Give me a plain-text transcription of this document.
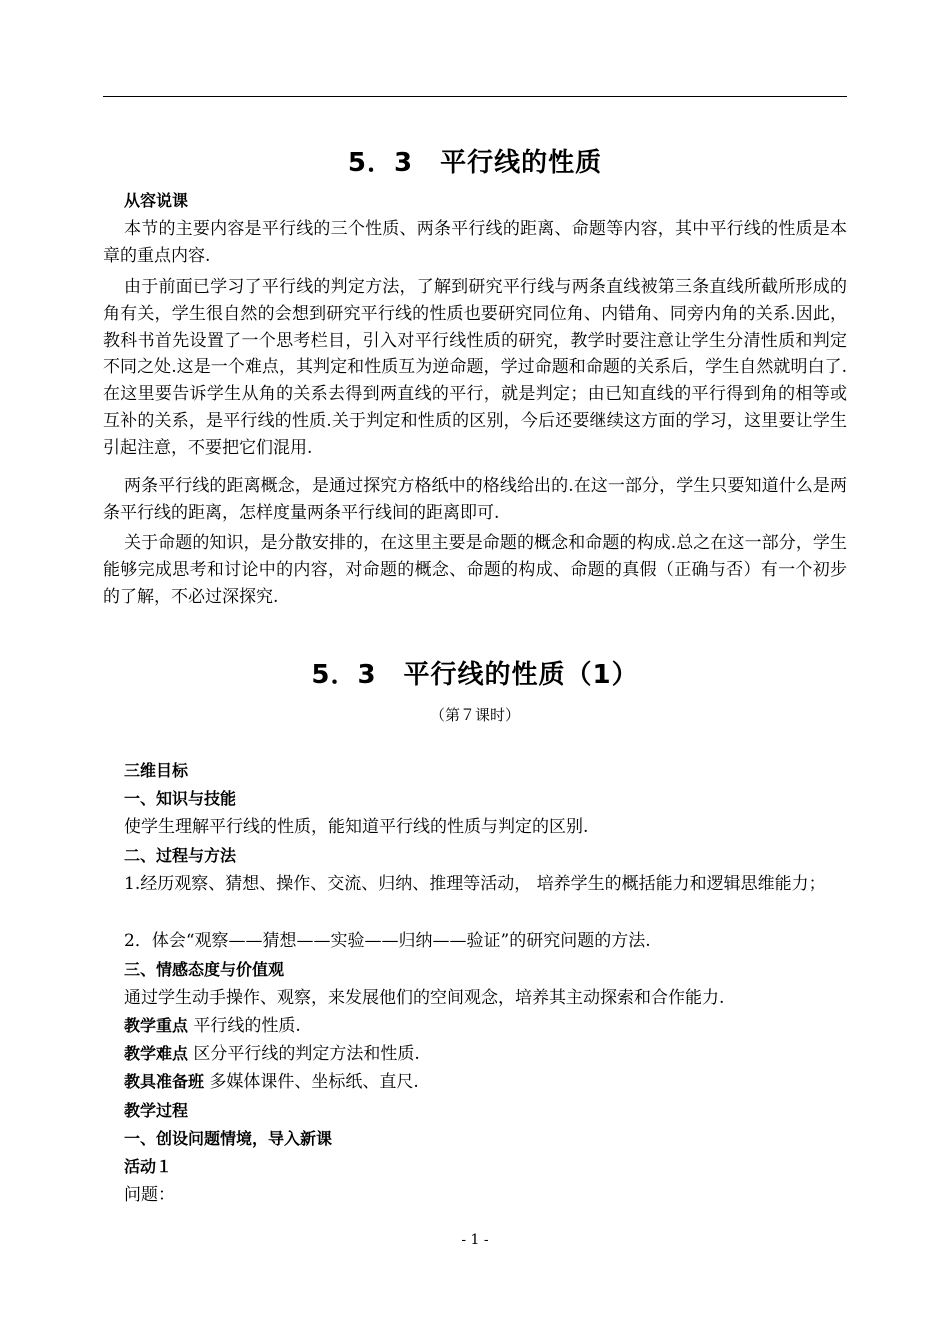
5．3　平行线的性质
从容说课
本节的主要内容是平行线的三个性质、两条平行线的距离、命题等内容，其中平行线的性质是本章的重点内容.
由于前面已学习了平行线的判定方法，了解到研究平行线与两条直线被第三条直线所截所形成的角有关，学生很自然的会想到研究平行线的性质也要研究同位角、内错角、同旁内角的关系.因此，教科书首先设置了一个思考栏目，引入对平行线性质的研究，教学时要注意让学生分清性质和判定不同之处.这是一个难点，其判定和性质互为逆命题，学过命题和命题的关系后，学生自然就明白了.在这里要告诉学生从角的关系去得到两直线的平行，就是判定；由已知直线的平行得到角的相等或互补的关系，是平行线的性质.关于判定和性质的区别，今后还要继续这方面的学习，这里要让学生引起注意，不要把它们混用.
两条平行线的距离概念，是通过探究方格纸中的格线给出的.在这一部分，学生只要知道什么是两条平行线的距离，怎样度量两条平行线间的距离即可.
关于命题的知识，是分散安排的，在这里主要是命题的概念和命题的构成.总之在这一部分，学生能够完成思考和讨论中的内容，对命题的概念、命题的构成、命题的真假（正确与否）有一个初步的了解，不必过深探究.
5．3　平行线的性质（1）
（第７课时）
三维目标
一、知识与技能
使学生理解平行线的性质，能知道平行线的性质与判定的区别.
二、过程与方法
1.经历观察、猜想、操作、交流、归纳、推理等活动， 培养学生的概括能力和逻辑思维能力；
2．体会“观察——猜想——实验——归纳——验证”的研究问题的方法.
三、情感态度与价值观
通过学生动手操作、观察，来发展他们的空间观念，培养其主动探索和合作能力.
教学重点 平行线的性质.
教学难点 区分平行线的判定方法和性质.
教具准备班 多媒体课件、坐标纸、直尺.
教学过程
一、创设问题情境，导入新课
活动１
问题：
- 1 -
